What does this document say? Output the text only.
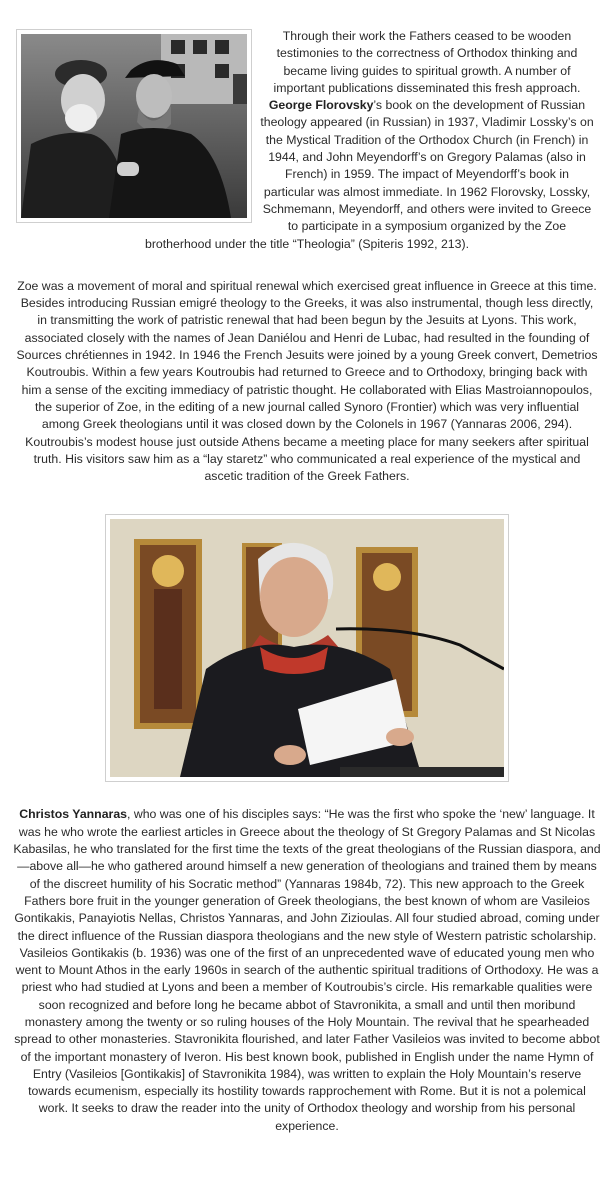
Through their work the Fathers ceased to be wooden testimonies to the correctness of Orthodox thinking and became living guides to spiritual growth. A number of important publications disseminated this fresh approach. George Florovsky’s book on the development of Russian theology appeared (in Russian) in 1937, Vladimir Lossky’s on the Mystical Tradition of the Orthodox Church (in French) in 1944, and John Meyendorff’s on Gregory Palamas (also in French) in 1959. The impact of Meyendorff’s book in particular was almost immediate. In 1962 Florovsky, Lossky, Schmemann, Meyendorff, and others were invited to Greece to participate in a symposium organized by the Zoe brotherhood under the title “Theologia” (Spiteris 1992, 213).

Zoe was a movement of moral and spiritual renewal which exercised great influence in Greece at this time. Besides introducing Russian emigré theology to the Greeks, it was also instrumental, though less directly, in transmitting the work of patristic renewal that had been begun by the Jesuits at Lyons. This work, associated closely with the names of Jean Daniélou and Henri de Lubac, had resulted in the founding of Sources chrétiennes in 1942. In 1946 the French Jesuits were joined by a young Greek convert, Demetrios Koutroubis. Within a few years Koutroubis had returned to Greece and to Orthodoxy, bringing back with him a sense of the exciting immediacy of patristic thought. He collaborated with Elias Mastroiannopoulos, the superior of Zoe, in the editing of a new journal called Synoro (Frontier) which was very influential among Greek theologians until it was closed down by the Colonels in 1967 (Yannaras 2006, 294). Koutroubis’s modest house just outside Athens became a meeting place for many seekers after spiritual truth. His visitors saw him as a “lay staretz” who communicated a real experience of the mystical and ascetic tradition of the Greek Fathers.

Christos Yannaras, who was one of his disciples says: “He was the first who spoke the ‘new’ language. It was he who wrote the earliest articles in Greece about the theology of St Gregory Palamas and St Nicolas Kabasilas, he who translated for the first time the texts of the great theologians of the Russian diaspora, and—above all—he who gathered around himself a new generation of theologians and trained them by means of the discreet humility of his Socratic method” (Yannaras 1984b, 72). This new approach to the Greek Fathers bore fruit in the younger generation of Greek theologians, the best known of whom are Vasileios Gontikakis, Panayiotis Nellas, Christos Yannaras, and John Zizioulas. All four studied abroad, coming under the direct influence of the Russian diaspora theologians and the new style of Western patristic scholarship. Vasileios Gontikakis (b. 1936) was one of the first of an unprecedented wave of educated young men who went to Mount Athos in the early 1960s in search of the authentic spiritual traditions of Orthodoxy. He was a priest who had studied at Lyons and been a member of Koutroubis’s circle. His remarkable qualities were soon recognized and before long he became abbot of Stavronikita, a small and until then moribund monastery among the twenty or so ruling houses of the Holy Mountain. The revival that he spearheaded spread to other monasteries. Stavronikita flourished, and later Father Vasileios was invited to become abbot of the important monastery of Iveron. His best known book, published in English under the name Hymn of Entry (Vasileios [Gontikakis] of Stavronikita 1984), was written to explain the Holy Mountain’s reserve towards ecumenism, especially its hostility towards rapprochement with Rome. But it is not a polemical work. It seeks to draw the reader into the unity of Orthodox theology and worship from his personal experience.
